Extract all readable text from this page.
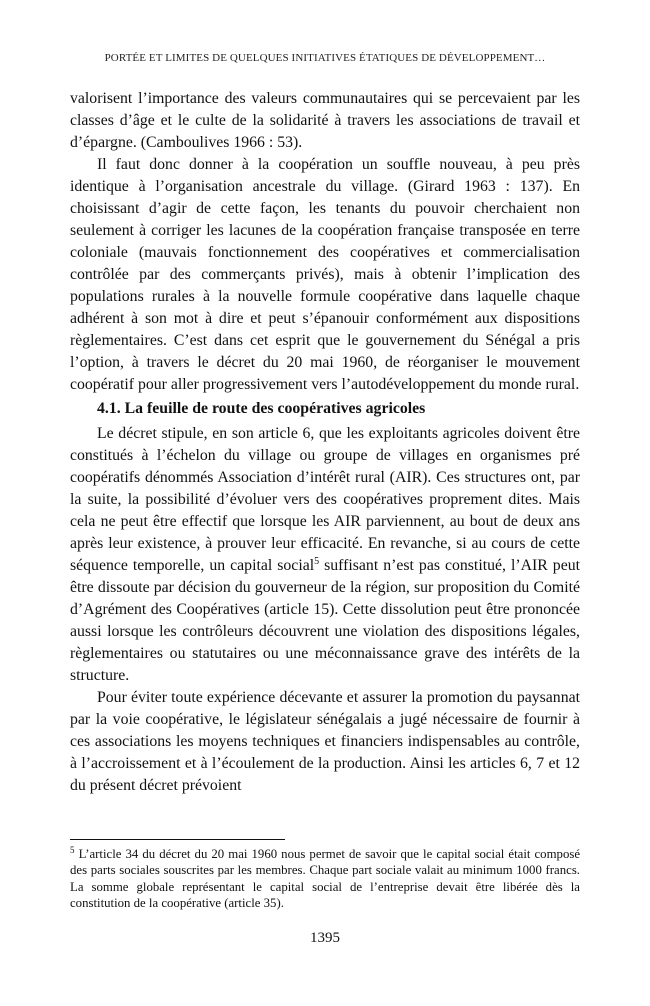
PORTÉE ET LIMITES DE QUELQUES INITIATIVES ÉTATIQUES DE DÉVELOPPEMENT…

valorisent l’importance des valeurs communautaires qui se percevaient par les classes d’âge et le culte de la solidarité à travers les associations de travail et d’épargne. (Camboulives 1966 : 53).

Il faut donc donner à la coopération un souffle nouveau, à peu près identique à l’organisation ancestrale du village. (Girard 1963 : 137). En choisissant d’agir de cette façon, les tenants du pouvoir cherchaient non seulement à corriger les lacunes de la coopération française transposée en terre coloniale (mauvais fonctionnement des coopératives et commercialisation contrôlée par des commerçants privés), mais à obtenir l’implication des populations rurales à la nouvelle formule coopérative dans laquelle chaque adhérent à son mot à dire et peut s’épanouir conformément aux dispositions règlementaires. C’est dans cet esprit que le gouvernement du Sénégal a pris l’option, à travers le décret du 20 mai 1960, de réorganiser le mouvement coopératif pour aller progressivement vers l’autodéveloppement du monde rural.

4.1. La feuille de route des coopératives agricoles

Le décret stipule, en son article 6, que les exploitants agricoles doivent être constitués à l’échelon du village ou groupe de villages en organismes pré coopératifs dénommés Association d’intérêt rural (AIR). Ces structures ont, par la suite, la possibilité d’évoluer vers des coopératives proprement dites. Mais cela ne peut être effectif que lorsque les AIR parviennent, au bout de deux ans après leur existence, à prouver leur efficacité. En revanche, si au cours de cette séquence temporelle, un capital social$^5$ suffisant n’est pas constitué, l’AIR peut être dissoute par décision du gouverneur de la région, sur proposition du Comité d’Agrément des Coopératives (article 15). Cette dissolution peut être prononcée aussi lorsque les contrôleurs découvrent une violation des dispositions légales, règlementaires ou statutaires ou une méconnaissance grave des intérêts de la structure.

Pour éviter toute expérience décevante et assurer la promotion du paysannat par la voie coopérative, le législateur sénégalais a jugé nécessaire de fournir à ces associations les moyens techniques et financiers indispensables au contrôle, à l’accroissement et à l’écoulement de la production. Ainsi les articles 6, 7 et 12 du présent décret prévoient

$^5$ L’article 34 du décret du 20 mai 1960 nous permet de savoir que le capital social était composé des parts sociales souscrites par les membres. Chaque part sociale valait au minimum 1000 francs. La somme globale représentant le capital social de l’entreprise devait être libérée dès la constitution de la coopérative (article 35).
1395
